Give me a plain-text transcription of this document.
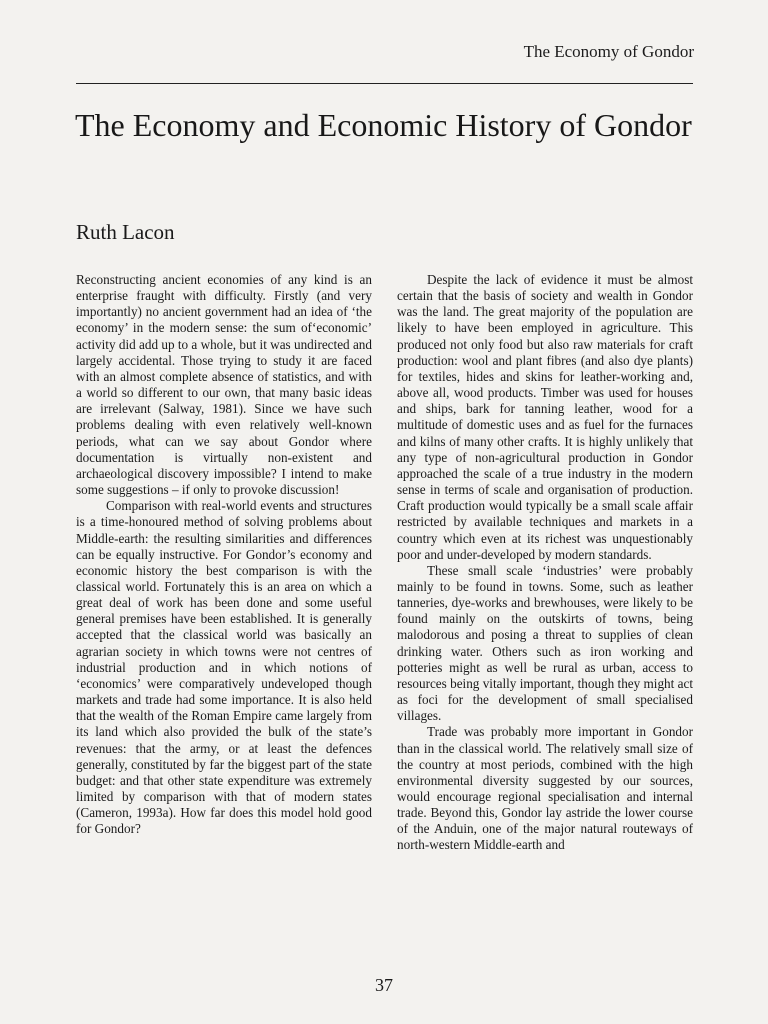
The Economy of Gondor
The Economy and Economic History of Gondor
Ruth Lacon

Reconstructing ancient economies of any kind is an enterprise fraught with difficulty. Firstly (and very importantly) no ancient government had an idea of ‘the economy’ in the modern sense: the sum of‘economic’ activity did add up to a whole, but it was undirected and largely accidental. Those trying to study it are faced with an almost complete absence of statistics, and with a world so different to our own, that many basic ideas are irrelevant (Salway, 1981). Since we have such problems dealing with even relatively well-known periods, what can we say about Gondor where documentation is virtually non-existent and archaeological discovery impossible? I intend to make some suggestions – if only to provoke discussion!

Comparison with real-world events and structures is a time-honoured method of solving problems about Middle-earth: the resulting similarities and differences can be equally instructive. For Gondor’s economy and economic history the best comparison is with the classical world. Fortunately this is an area on which a great deal of work has been done and some useful general premises have been established. It is generally accepted that the classical world was basically an agrarian society in which towns were not centres of industrial production and in which notions of ‘economics’ were comparatively undeveloped though markets and trade had some importance. It is also held that the wealth of the Roman Empire came largely from its land which also provided the bulk of the state’s revenues: that the army, or at least the defences generally, constituted by far the biggest part of the state budget: and that other state expenditure was extremely limited by comparison with that of modern states (Cameron, 1993a). How far does this model hold good for Gondor?

Despite the lack of evidence it must be almost certain that the basis of society and wealth in Gondor was the land. The great majority of the population are likely to have been employed in agriculture. This produced not only food but also raw materials for craft production: wool and plant fibres (and also dye plants) for textiles, hides and skins for leather-working and, above all, wood products. Timber was used for houses and ships, bark for tanning leather, wood for a multitude of domestic uses and as fuel for the furnaces and kilns of many other crafts. It is highly unlikely that any type of non-agricultural production in Gondor approached the scale of a true industry in the modern sense in terms of scale and organisation of production. Craft production would typically be a small scale affair restricted by available techniques and markets in a country which even at its richest was unquestionably poor and under-developed by modern standards.

These small scale ‘industries’ were probably mainly to be found in towns. Some, such as leather tanneries, dye-works and brewhouses, were likely to be found mainly on the outskirts of towns, being malodorous and posing a threat to supplies of clean drinking water. Others such as iron working and potteries might as well be rural as urban, access to resources being vitally important, though they might act as foci for the development of small specialised villages.

Trade was probably more important in Gondor than in the classical world. The relatively small size of the country at most periods, combined with the high environmental diversity suggested by our sources, would encourage regional specialisation and internal trade. Beyond this, Gondor lay astride the lower course of the Anduin, one of the major natural routeways of north-western Middle-earth and

37
